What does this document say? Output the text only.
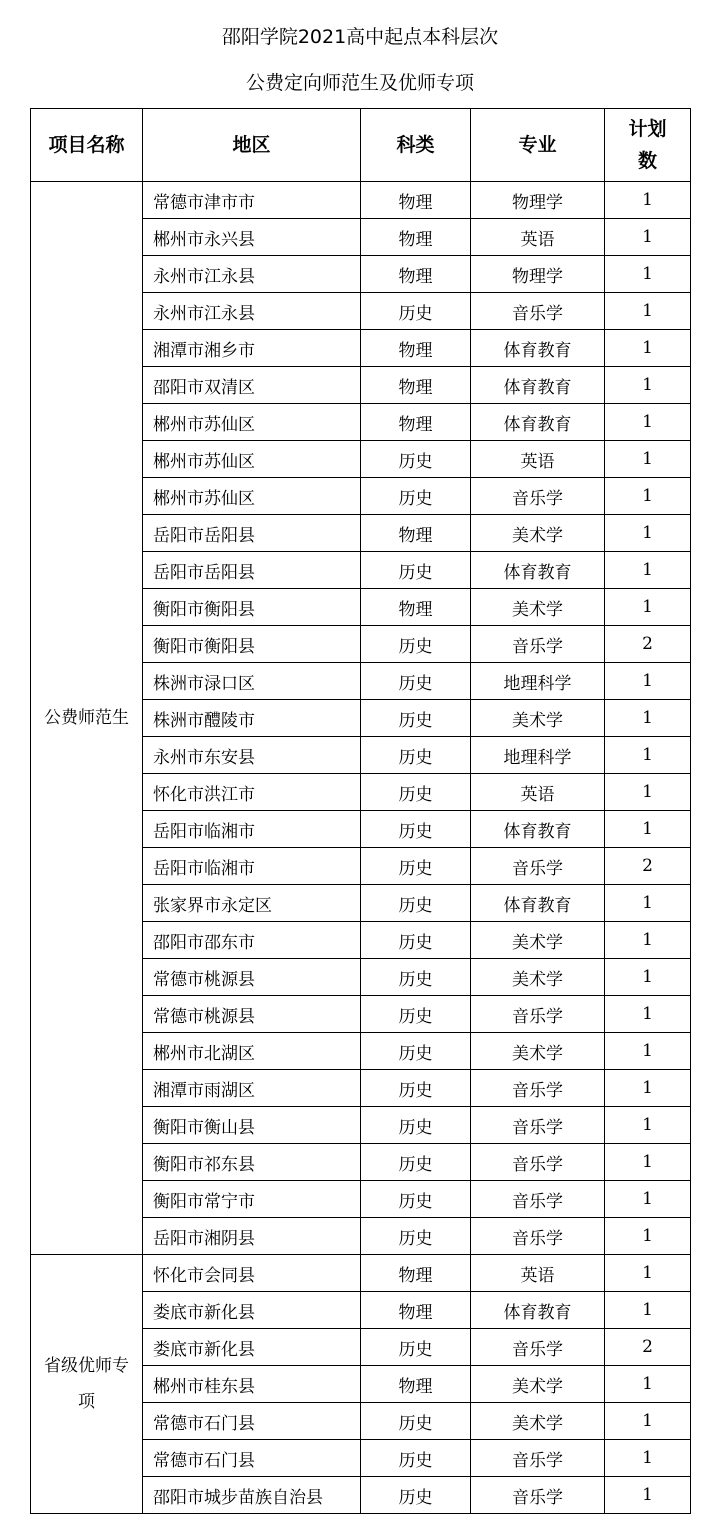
邵阳学院2021高中起点本科层次
公费定向师范生及优师专项
项目名称	地区	科类	专业	计划数
公费师范生	常德市津市市	物理	物理学	1
	郴州市永兴县	物理	英语	1
	永州市江永县	物理	物理学	1
	永州市江永县	历史	音乐学	1
	湘潭市湘乡市	物理	体育教育	1
	邵阳市双清区	物理	体育教育	1
	郴州市苏仙区	物理	体育教育	1
	郴州市苏仙区	历史	英语	1
	郴州市苏仙区	历史	音乐学	1
	岳阳市岳阳县	物理	美术学	1
	岳阳市岳阳县	历史	体育教育	1
	衡阳市衡阳县	物理	美术学	1
	衡阳市衡阳县	历史	音乐学	2
	株洲市渌口区	历史	地理科学	1
	株洲市醴陵市	历史	美术学	1
	永州市东安县	历史	地理科学	1
	怀化市洪江市	历史	英语	1
	岳阳市临湘市	历史	体育教育	1
	岳阳市临湘市	历史	音乐学	2
	张家界市永定区	历史	体育教育	1
	邵阳市邵东市	历史	美术学	1
	常德市桃源县	历史	美术学	1
	常德市桃源县	历史	音乐学	1
	郴州市北湖区	历史	美术学	1
	湘潭市雨湖区	历史	音乐学	1
	衡阳市衡山县	历史	音乐学	1
	衡阳市祁东县	历史	音乐学	1
	衡阳市常宁市	历史	音乐学	1
	岳阳市湘阴县	历史	音乐学	1
省级优师专项	怀化市会同县	物理	英语	1
	娄底市新化县	物理	体育教育	1
	娄底市新化县	历史	音乐学	2
	郴州市桂东县	物理	美术学	1
	常德市石门县	历史	美术学	1
	常德市石门县	历史	音乐学	1
	邵阳市城步苗族自治县	历史	音乐学	1
